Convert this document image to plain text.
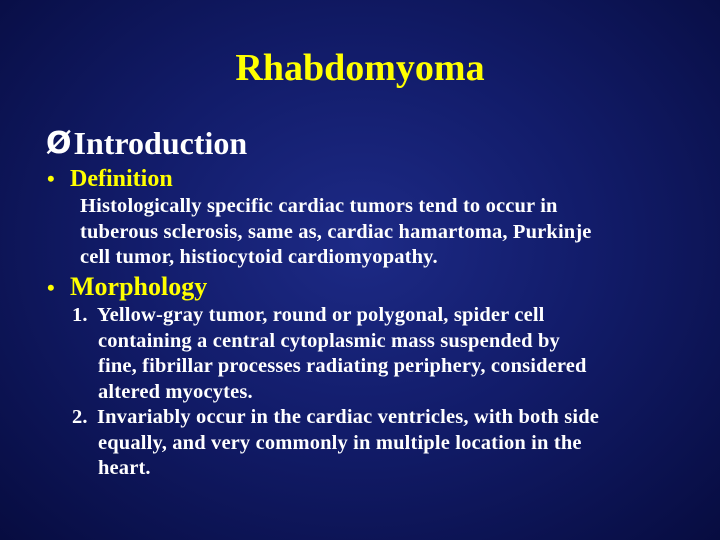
Rhabdomyoma
ØIntroduction
• Definition
Histologically specific cardiac tumors tend to occur in
tuberous sclerosis, same as, cardiac hamartoma, Purkinje
cell tumor, histiocytoid cardiomyopathy.
• Morphology
1. Yellow-gray tumor, round or polygonal, spider cell
containing a central cytoplasmic mass suspended by
fine, fibrillar processes radiating periphery, considered
altered myocytes.
2. Invariably occur in the cardiac ventricles, with both side
equally, and very commonly in multiple location in the
heart.
